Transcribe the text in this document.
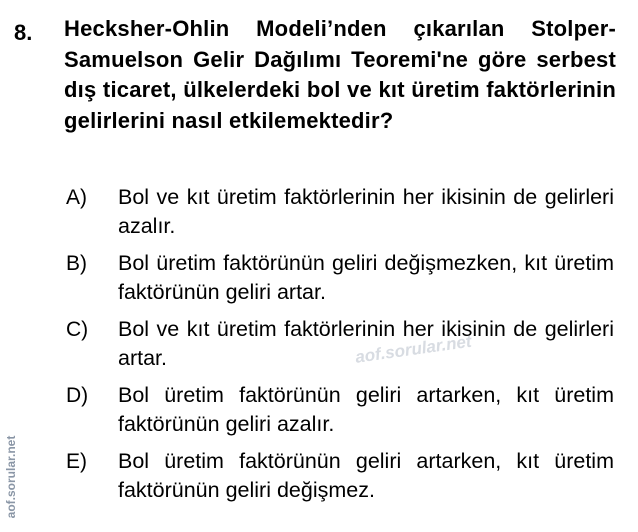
8. Hecksher-Ohlin Modeli’nden çıkarılan Stolper-Samuelson Gelir Dağılımı Teoremi'ne göre serbest dış ticaret, ülkelerdeki bol ve kıt üretim faktörlerinin gelirlerini nasıl etkilemektedir?
A)	Bol ve kıt üretim faktörlerinin her ikisinin de gelirleri azalır.
B)	Bol üretim faktörünün geliri değişmezken, kıt üretim faktörünün geliri artar.
C)	Bol ve kıt üretim faktörlerinin her ikisinin de gelirleri artar.
D)	Bol üretim faktörünün geliri artarken, kıt üretim faktörünün geliri azalır.
E)	Bol üretim faktörünün geliri artarken, kıt üretim faktörünün geliri değişmez.
aof.sorular.net
aof.sorular.net
